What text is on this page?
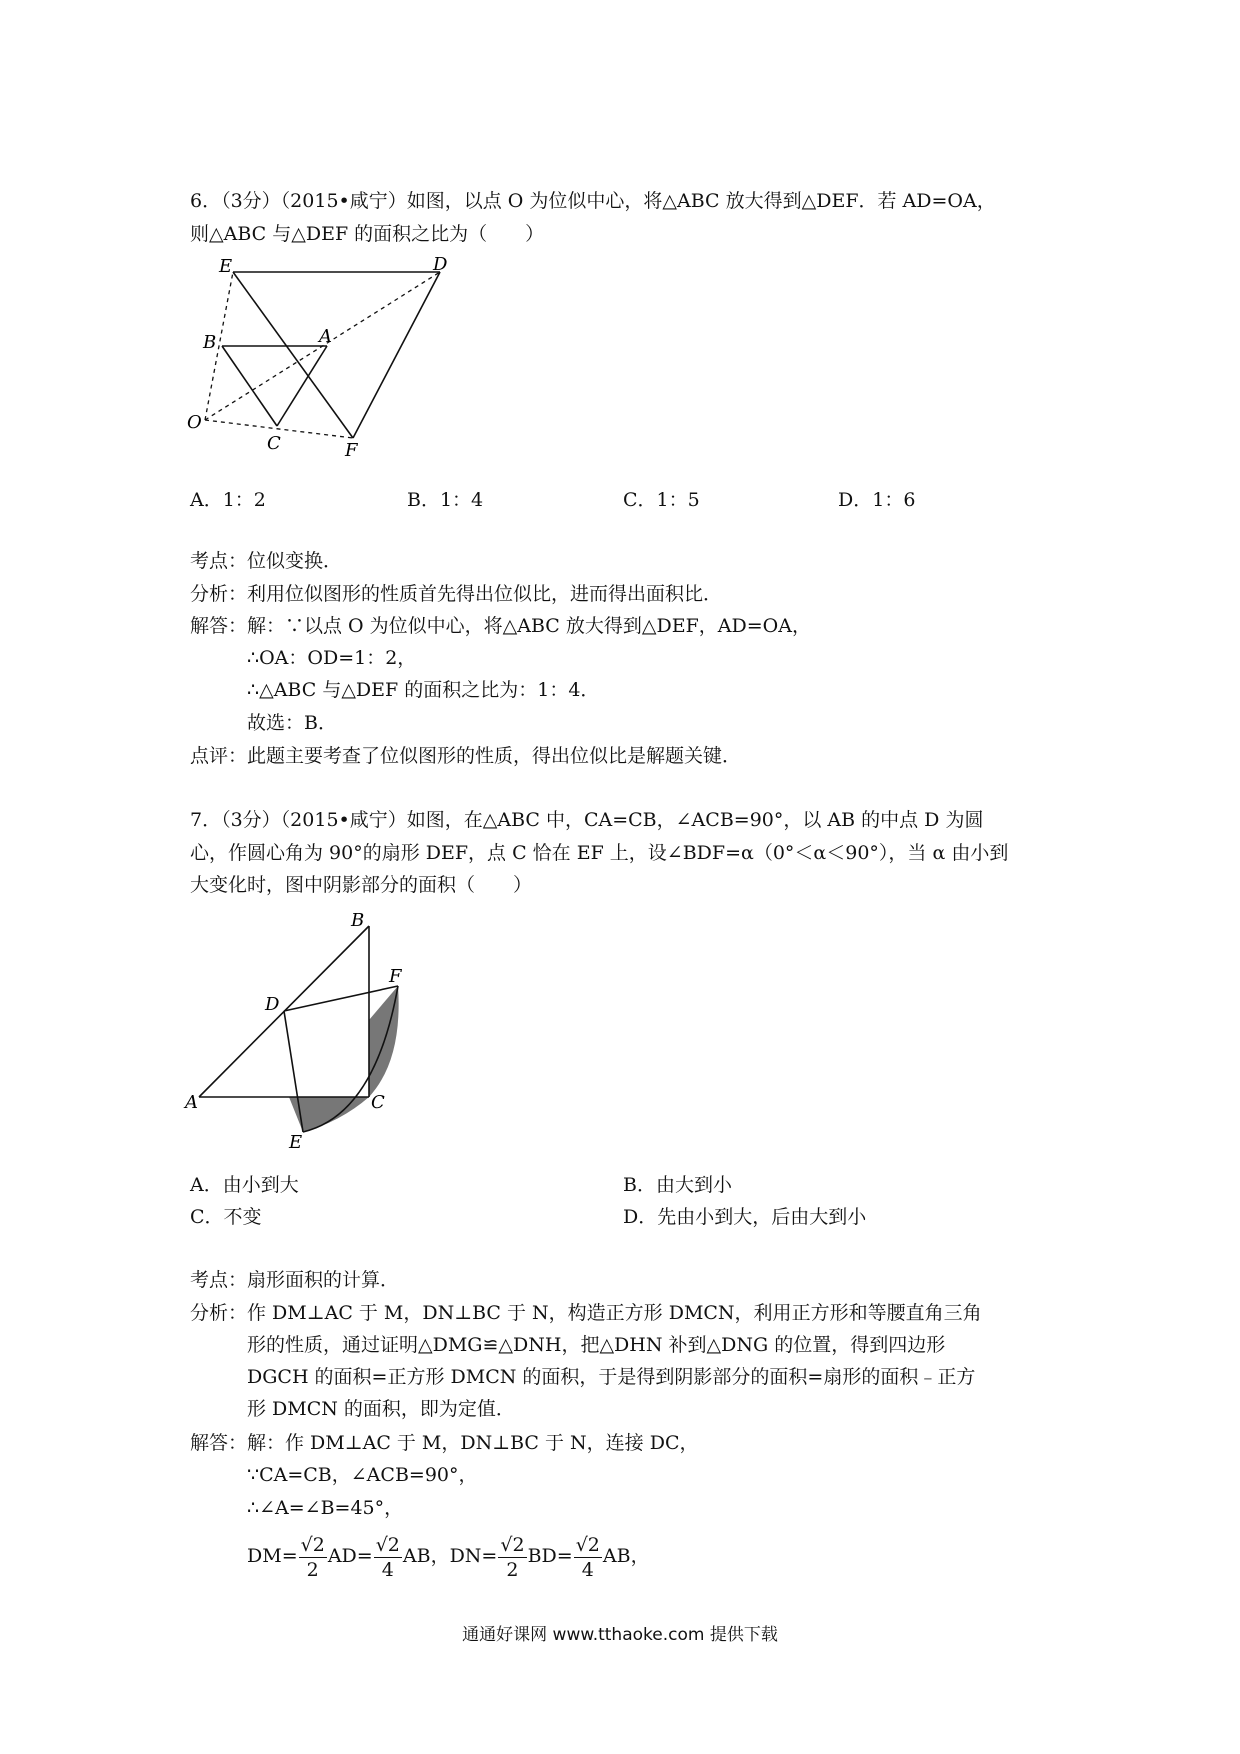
6．（3分）（2015•咸宁）如图，以点 O 为位似中心，将△ABC 放大得到△DEF．若 AD=OA，
则△ABC 与△DEF 的面积之比为（　　）
E	D
B	A
O
C	F
A．1：2	B．1：4	C．1：5	D．1：6
考点：位似变换．
分析：利用位似图形的性质首先得出位似比，进而得出面积比．
解答：解：∵以点 O 为位似中心，将△ABC 放大得到△DEF，AD=OA，
∴OA：OD=1：2，
∴△ABC 与△DEF 的面积之比为：1：4．
故选：B．
点评：此题主要考查了位似图形的性质，得出位似比是解题关键．
7．（3分）（2015•咸宁）如图，在△ABC 中，CA=CB，∠ACB=90°，以 AB 的中点 D 为圆
心，作圆心角为 90°的扇形 DEF，点 C 恰在 EF 上，设∠BDF=α（0°＜α＜90°），当 α 由小到
大变化时，图中阴影部分的面积（　　）
B
F
D
A	C
E
A．由小到大	B．由大到小
C．不变	D．先由小到大，后由大到小
考点：扇形面积的计算．
分析：作 DM⊥AC 于 M，DN⊥BC 于 N，构造正方形 DMCN，利用正方形和等腰直角三角
形的性质，通过证明△DMG≌△DNH，把△DHN 补到△DNG 的位置，得到四边形
DGCH 的面积=正方形 DMCN 的面积，于是得到阴影部分的面积=扇形的面积﹣正方
形 DMCN 的面积，即为定值．
解答：解：作 DM⊥AC 于 M，DN⊥BC 于 N，连接 DC，
∵CA=CB，∠ACB=90°，
∴∠A=∠B=45°，
$DM= \frac{√2}{2} AD= \frac{√2}{4}$ AB，$DN= \frac{√2}{2} BD= \frac{√2}{4}$ AB，
通通好课网 www.tthaoke.com 提供下载
